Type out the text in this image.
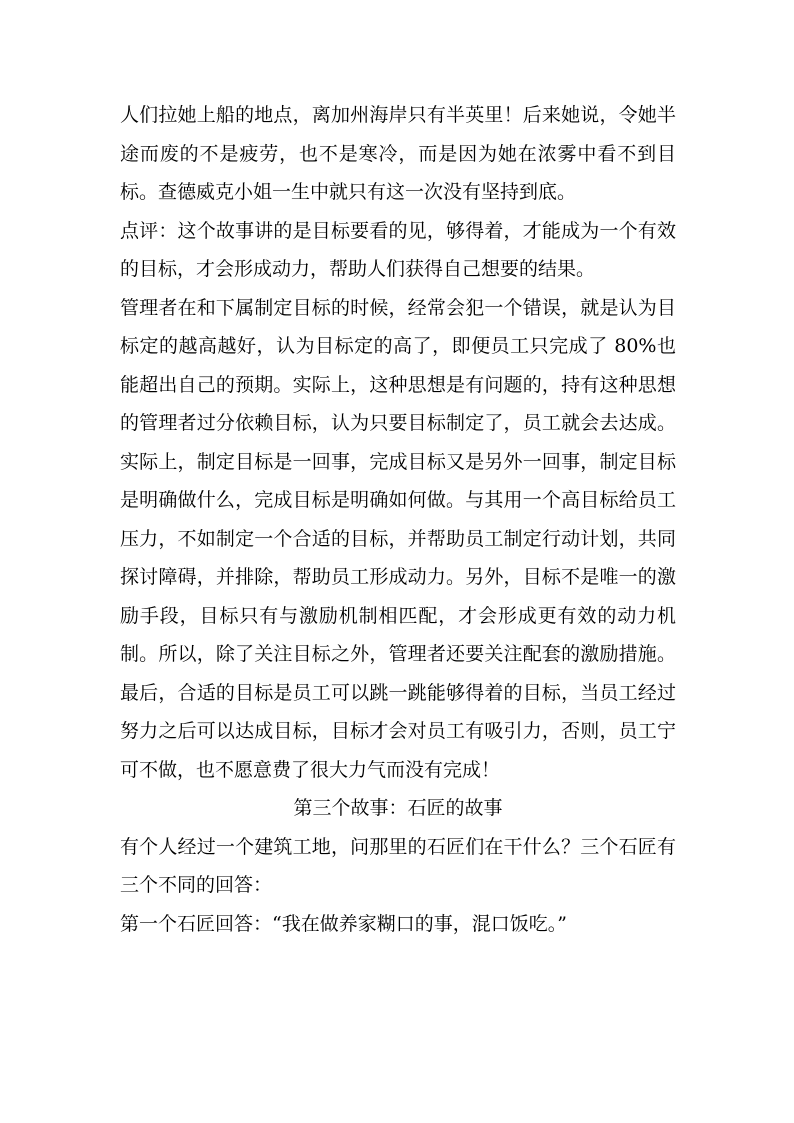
人们拉她上船的地点，离加州海岸只有半英里！后来她说，令她半途而废的不是疲劳，也不是寒冷，而是因为她在浓雾中看不到目标。查德威克小姐一生中就只有这一次没有坚持到底。

点评：这个故事讲的是目标要看的见，够得着，才能成为一个有效的目标，才会形成动力，帮助人们获得自己想要的结果。

管理者在和下属制定目标的时候，经常会犯一个错误，就是认为目标定的越高越好，认为目标定的高了，即便员工只完成了 80%也能超出自己的预期。实际上，这种思想是有问题的，持有这种思想的管理者过分依赖目标，认为只要目标制定了，员工就会去达成。实际上，制定目标是一回事，完成目标又是另外一回事，制定目标是明确做什么，完成目标是明确如何做。与其用一个高目标给员工压力，不如制定一个合适的目标，并帮助员工制定行动计划，共同探讨障碍，并排除，帮助员工形成动力。另外，目标不是唯一的激励手段，目标只有与激励机制相匹配，才会形成更有效的动力机制。所以，除了关注目标之外，管理者还要关注配套的激励措施。最后，合适的目标是员工可以跳一跳能够得着的目标，当员工经过努力之后可以达成目标，目标才会对员工有吸引力，否则，员工宁可不做，也不愿意费了很大力气而没有完成！

第三个故事：石匠的故事

有个人经过一个建筑工地，问那里的石匠们在干什么？三个石匠有三个不同的回答：

第一个石匠回答：“我在做养家糊口的事，混口饭吃。”
